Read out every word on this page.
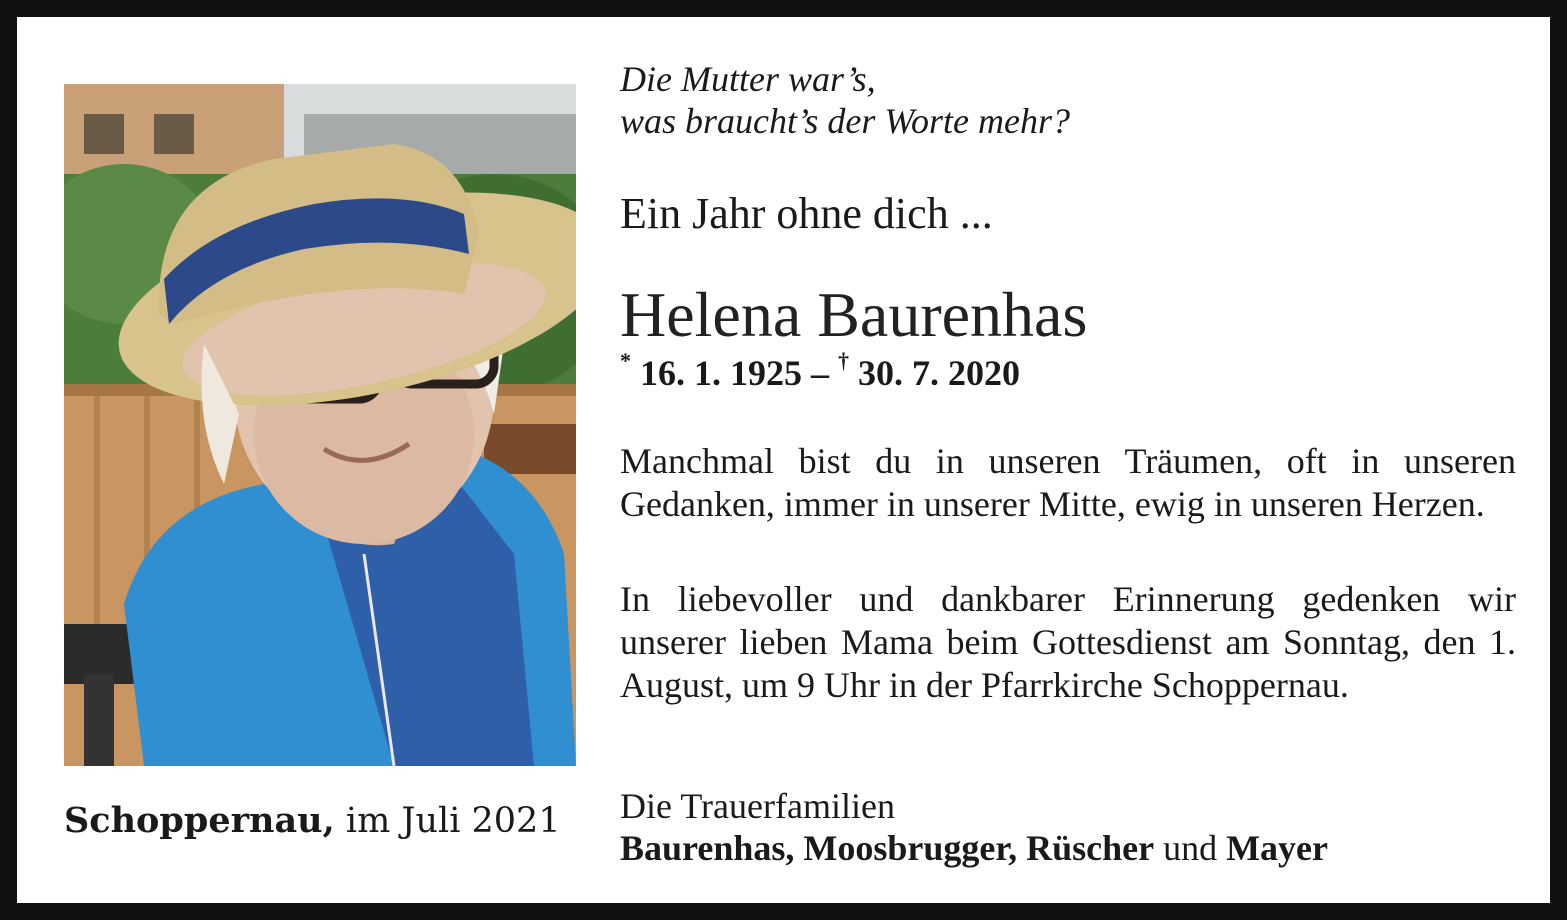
Schoppernau, im Juli 2021
Die Mutter war’s,
was braucht’s der Worte mehr?
Ein Jahr ohne dich ...
Helena Baurenhas
* 16. 1. 1925 – † 30. 7. 2020
Manchmal bist du in unseren Träumen, oft in unseren Gedanken, immer in unserer Mitte, ewig in unseren Herzen.
In liebevoller und dankbarer Erinnerung gedenken wir unserer lieben Mama beim Gottesdienst am Sonntag, den 1. August, um 9 Uhr in der Pfarrkirche Schoppernau.
Die Trauerfamilien
Baurenhas, Moosbrugger, Rüscher und Mayer
